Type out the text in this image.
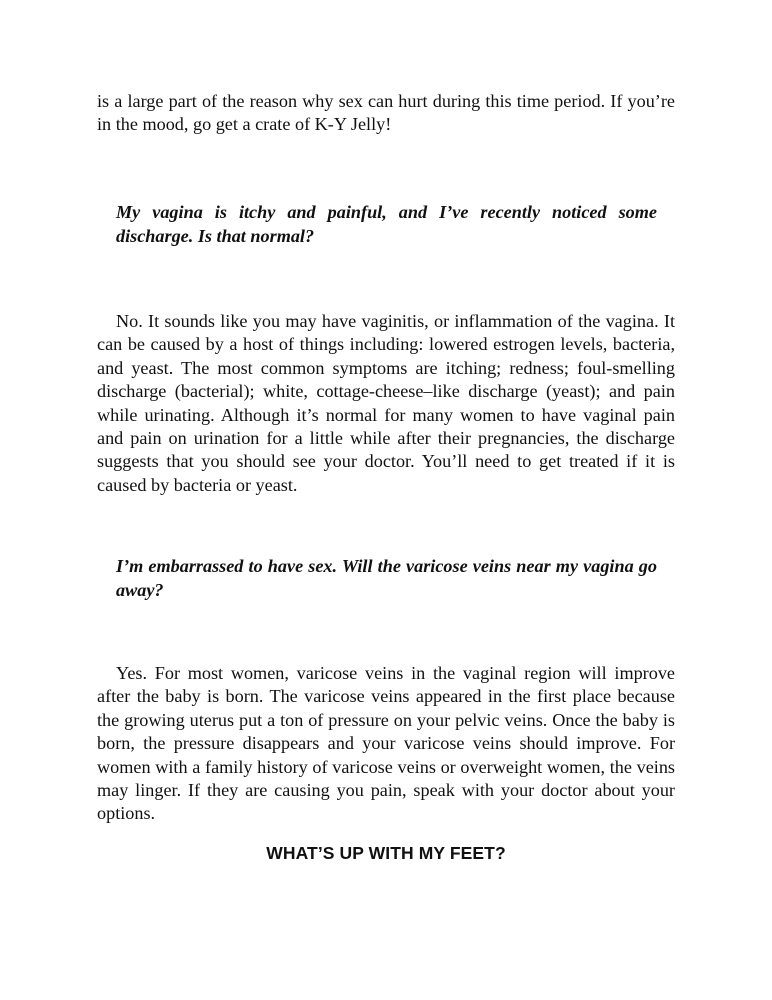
is a large part of the reason why sex can hurt during this time period. If you’re in the mood, go get a crate of K-Y Jelly!

My vagina is itchy and painful, and I’ve recently noticed some discharge. Is that normal?

No. It sounds like you may have vaginitis, or inflammation of the vagina. It can be caused by a host of things including: lowered estrogen levels, bacteria, and yeast. The most common symptoms are itching; redness; foul-smelling discharge (bacterial); white, cottage-cheese–like discharge (yeast); and pain while urinating. Although it’s normal for many women to have vaginal pain and pain on urination for a little while after their pregnancies, the discharge suggests that you should see your doctor. You’ll need to get treated if it is caused by bacteria or yeast.

I’m embarrassed to have sex. Will the varicose veins near my vagina go away?

Yes. For most women, varicose veins in the vaginal region will improve after the baby is born. The varicose veins appeared in the first place because the growing uterus put a ton of pressure on your pelvic veins. Once the baby is born, the pressure disappears and your varicose veins should improve. For women with a family history of varicose veins or overweight women, the veins may linger. If they are causing you pain, speak with your doctor about your options.

WHAT’S UP WITH MY FEET?
